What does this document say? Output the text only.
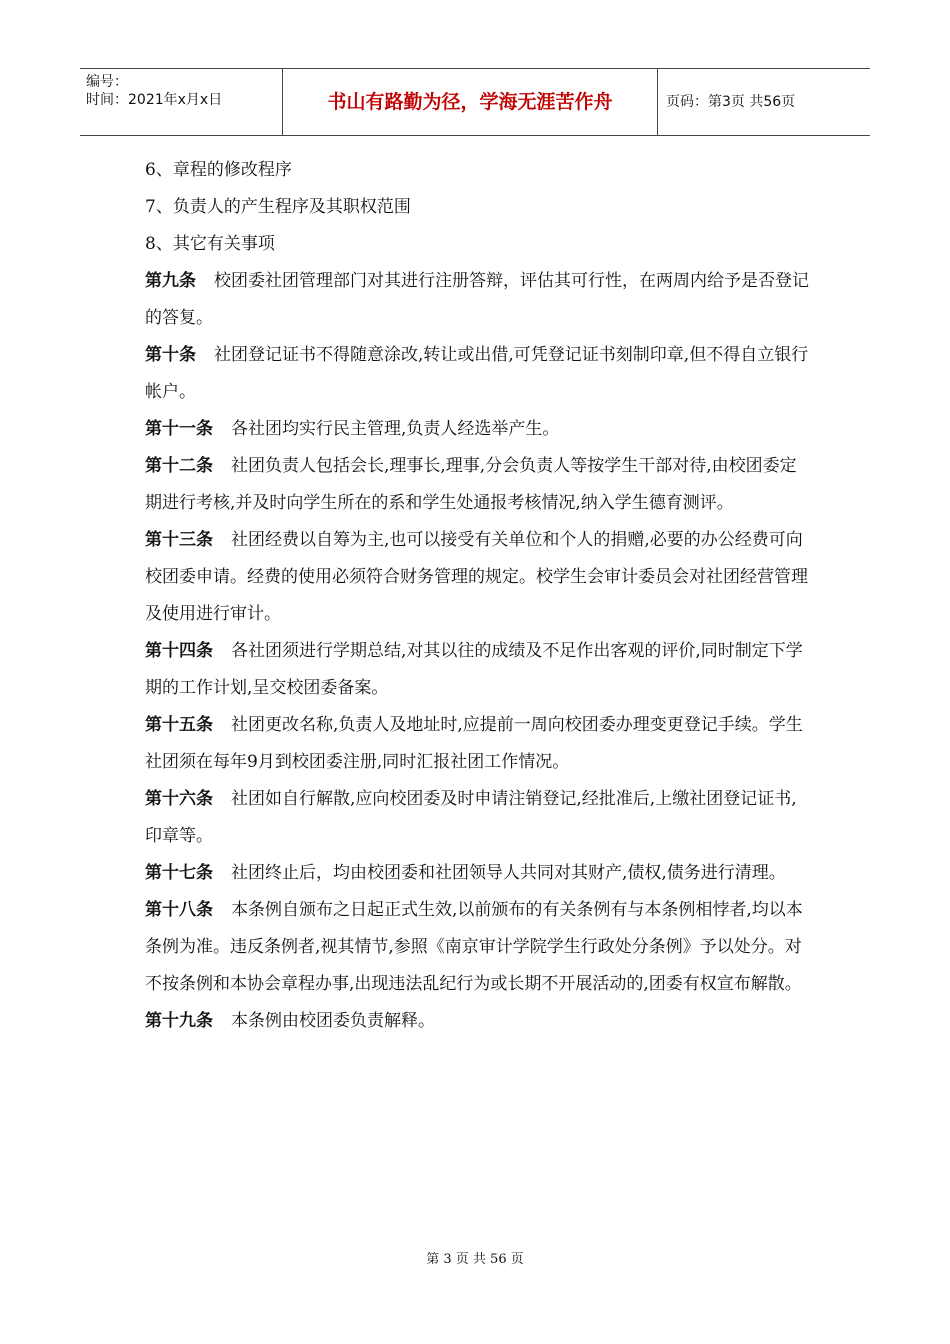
编号：
时间：2021年x月x日	书山有路勤为径，学海无涯苦作舟	页码：第3页 共56页

6、章程的修改程序

7、负责人的产生程序及其职权范围

8、其它有关事项

第九条 校团委社团管理部门对其进行注册答辩，评估其可行性，在两周内给予是否登记的答复。

第十条 社团登记证书不得随意涂改,转让或出借,可凭登记证书刻制印章,但不得自立银行帐户。

第十一条 各社团均实行民主管理,负责人经选举产生。

第十二条 社团负责人包括会长,理事长,理事,分会负责人等按学生干部对待,由校团委定期进行考核,并及时向学生所在的系和学生处通报考核情况,纳入学生德育测评。

第十三条 社团经费以自筹为主,也可以接受有关单位和个人的捐赠,必要的办公经费可向校团委申请。经费的使用必须符合财务管理的规定。校学生会审计委员会对社团经营管理及使用进行审计。

第十四条 各社团须进行学期总结,对其以往的成绩及不足作出客观的评价,同时制定下学期的工作计划,呈交校团委备案。

第十五条 社团更改名称,负责人及地址时,应提前一周向校团委办理变更登记手续。学生社团须在每年9月到校团委注册,同时汇报社团工作情况。

第十六条 社团如自行解散,应向校团委及时申请注销登记,经批准后,上缴社团登记证书,印章等。

第十七条 社团终止后，均由校团委和社团领导人共同对其财产,债权,债务进行清理。

第十八条 本条例自颁布之日起正式生效,以前颁布的有关条例有与本条例相悖者,均以本条例为准。违反条例者,视其情节,参照《南京审计学院学生行政处分条例》予以处分。对不按条例和本协会章程办事,出现违法乱纪行为或长期不开展活动的,团委有权宣布解散。

第十九条 本条例由校团委负责解释。

第 3 页 共 56 页
